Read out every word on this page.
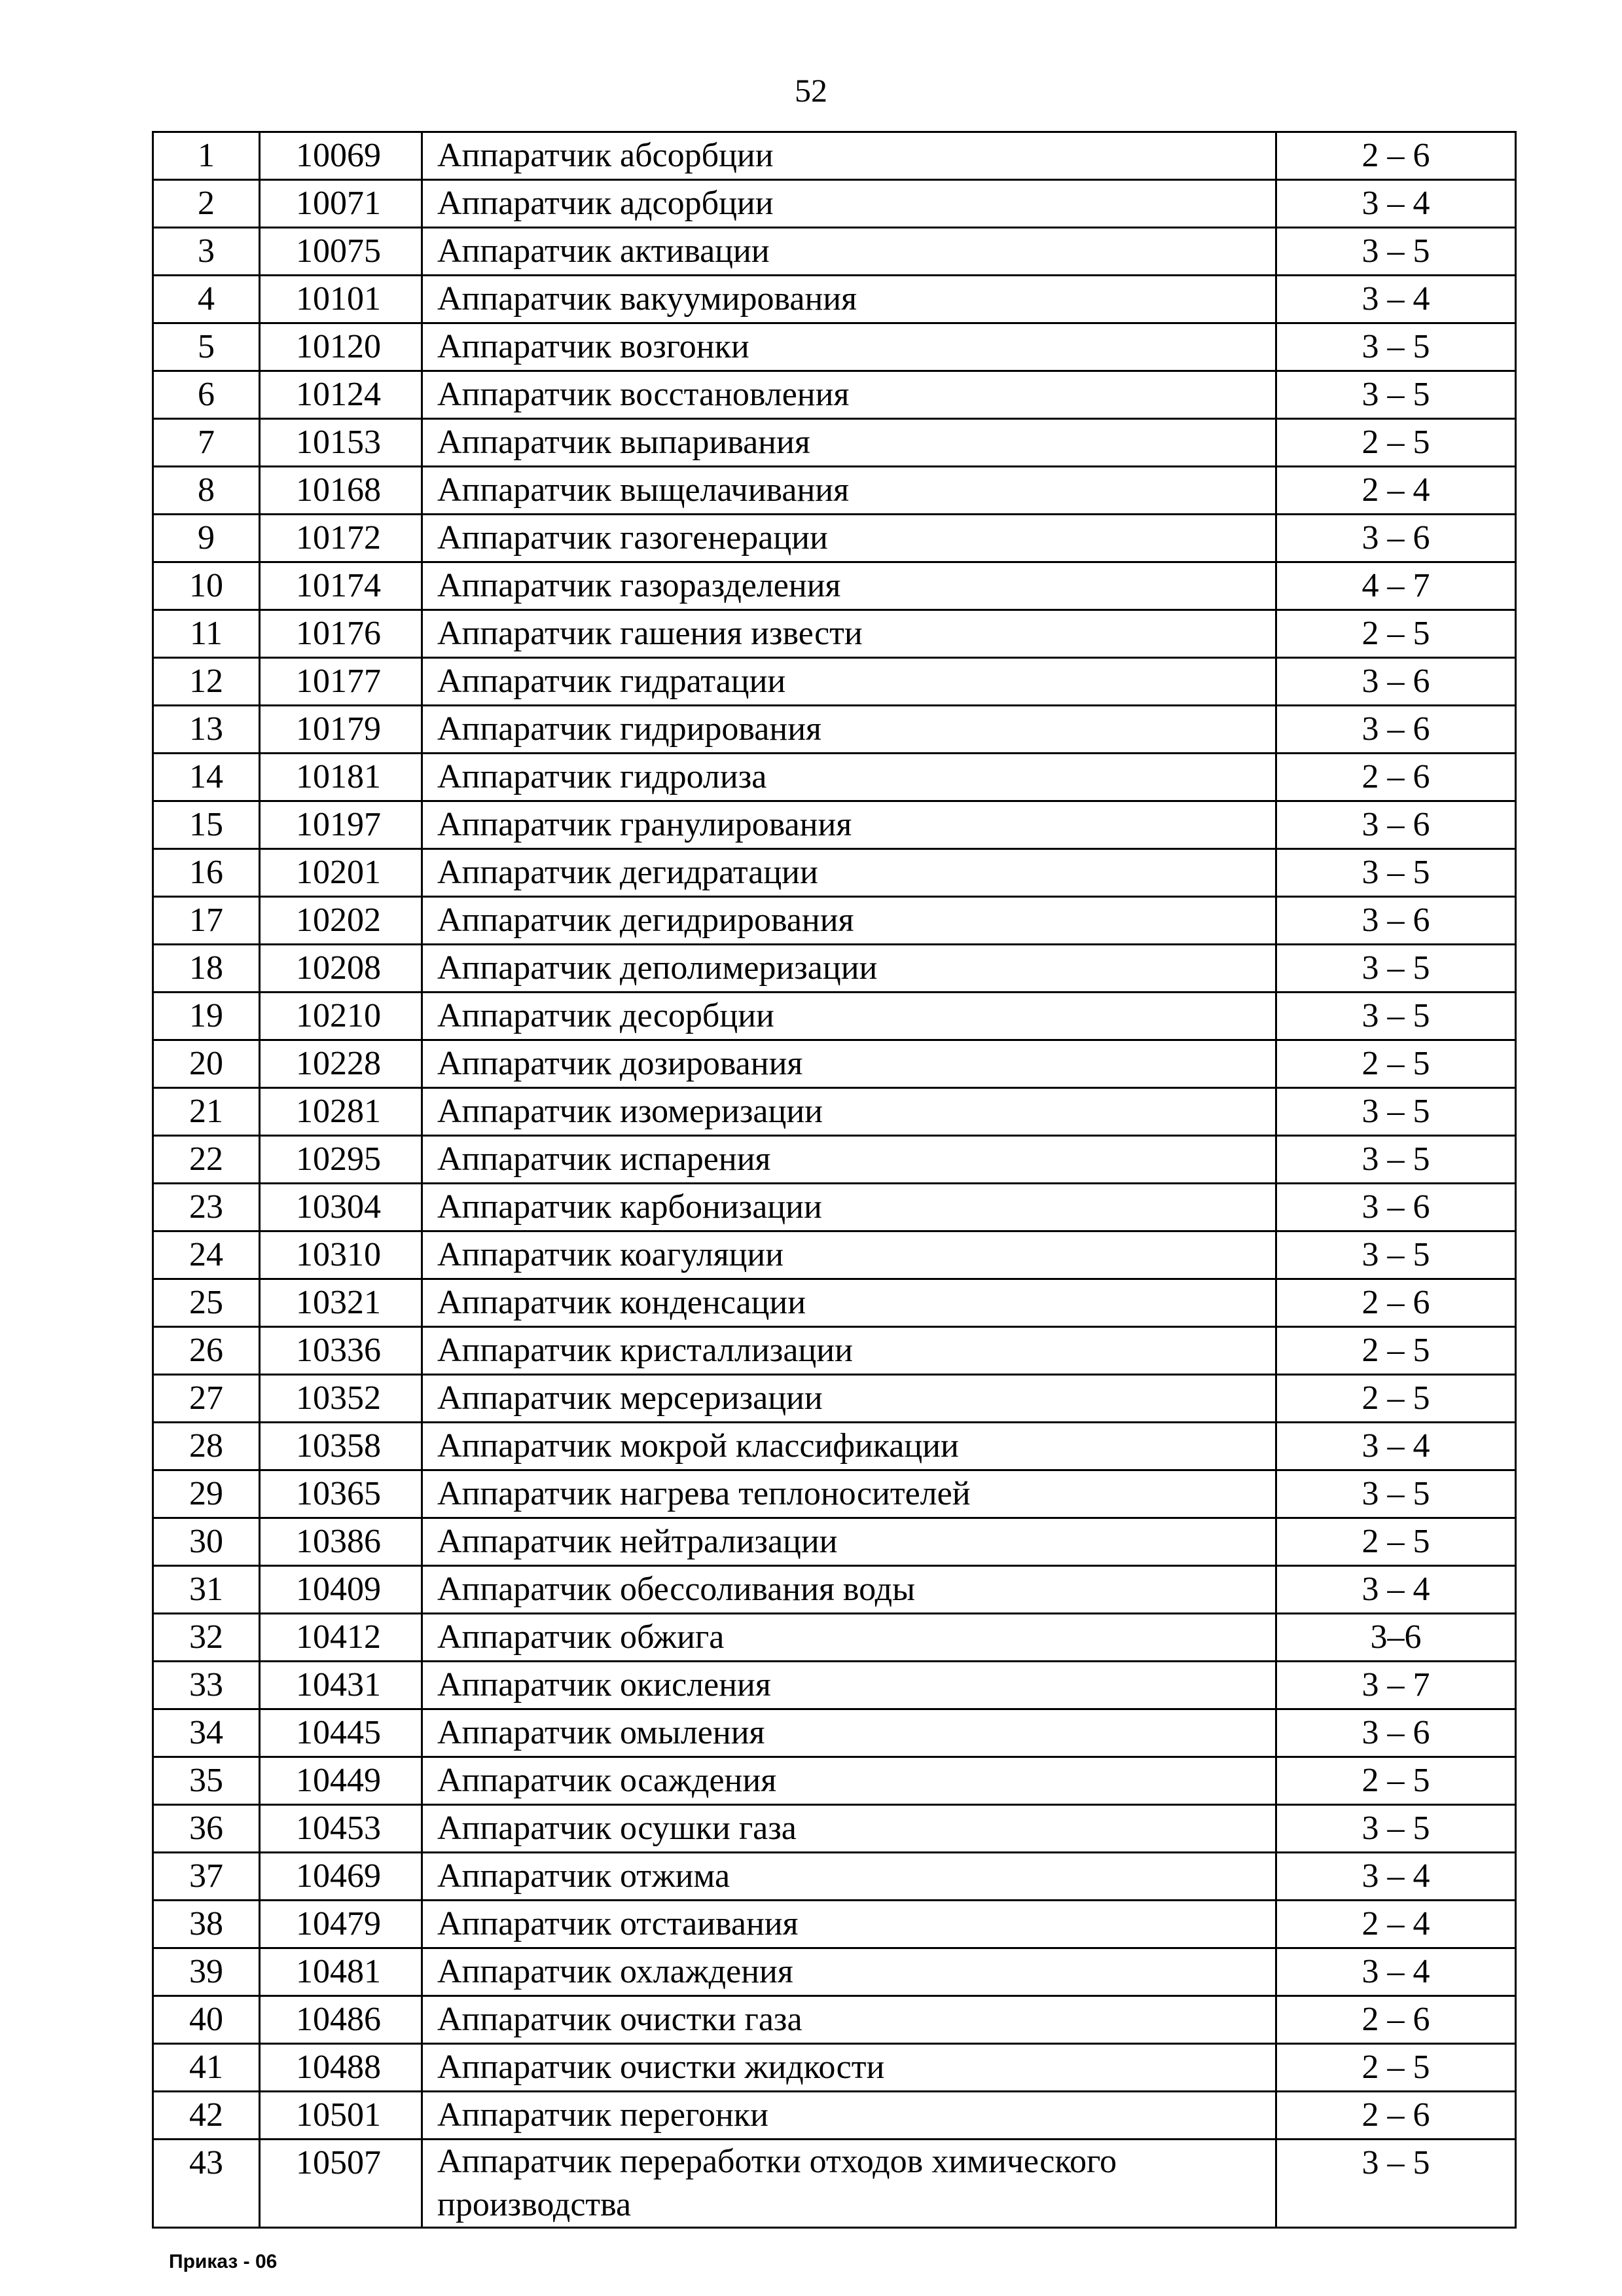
52
1	10069	Аппаратчик абсорбции	2 – 6

2	10071	Аппаратчик адсорбции	3 – 4

3	10075	Аппаратчик активации	3 – 5

4	10101	Аппаратчик вакуумирования	3 – 4

5	10120	Аппаратчик возгонки	3 – 5

6	10124	Аппаратчик восстановления	3 – 5

7	10153	Аппаратчик выпаривания	2 – 5

8	10168	Аппаратчик выщелачивания	2 – 4

9	10172	Аппаратчик газогенерации	3 – 6

10	10174	Аппаратчик газоразделения	4 – 7

11	10176	Аппаратчик гашения извести	2 – 5

12	10177	Аппаратчик гидратации	3 – 6

13	10179	Аппаратчик гидрирования	3 – 6

14	10181	Аппаратчик гидролиза	2 – 6

15	10197	Аппаратчик гранулирования	3 – 6

16	10201	Аппаратчик дегидратации	3 – 5

17	10202	Аппаратчик дегидрирования	3 – 6

18	10208	Аппаратчик деполимеризации	3 – 5

19	10210	Аппаратчик десорбции	3 – 5

20	10228	Аппаратчик дозирования	2 – 5

21	10281	Аппаратчик изомеризации	3 – 5

22	10295	Аппаратчик испарения	3 – 5

23	10304	Аппаратчик карбонизации	3 – 6

24	10310	Аппаратчик коагуляции	3 – 5

25	10321	Аппаратчик конденсации	2 – 6

26	10336	Аппаратчик кристаллизации	2 – 5

27	10352	Аппаратчик мерсеризации	2 – 5

28	10358	Аппаратчик мокрой классификации	3 – 4

29	10365	Аппаратчик нагрева теплоносителей	3 – 5

30	10386	Аппаратчик нейтрализации	2 – 5

31	10409	Аппаратчик обессоливания воды	3 – 4

32	10412	Аппаратчик обжига	3–6

33	10431	Аппаратчик окисления	3 – 7

34	10445	Аппаратчик омыления	3 – 6

35	10449	Аппаратчик осаждения	2 – 5

36	10453	Аппаратчик осушки газа	3 – 5

37	10469	Аппаратчик отжима	3 – 4

38	10479	Аппаратчик отстаивания	2 – 4

39	10481	Аппаратчик охлаждения	3 – 4

40	10486	Аппаратчик очистки газа	2 – 6

41	10488	Аппаратчик очистки жидкости	2 – 5

42	10501	Аппаратчик перегонки	2 – 6

43	10507	Аппаратчик переработки отходов химического производства	3 – 5
Приказ - 06
